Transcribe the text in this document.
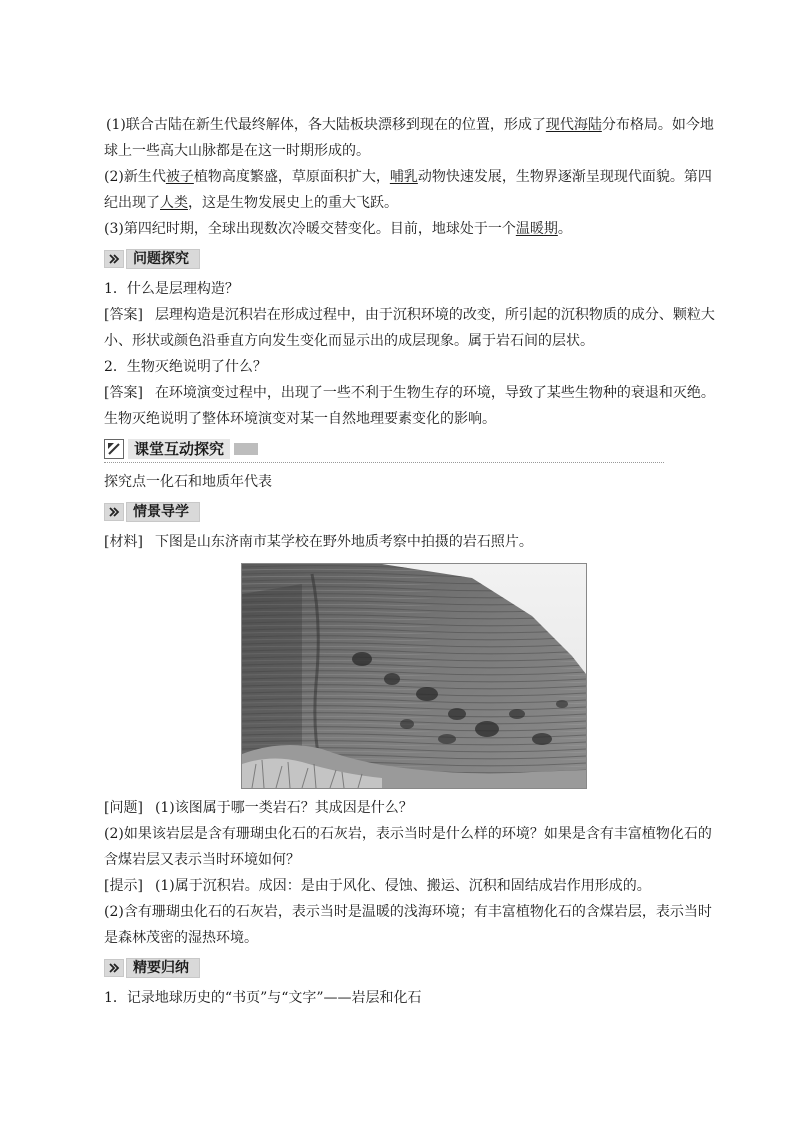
(1)联合古陆在新生代最终解体，各大陆板块漂移到现在的位置，形成了现代海陆分布格局。如今地球上一些高大山脉都是在这一时期形成的。

(2)新生代被子植物高度繁盛，草原面积扩大，哺乳动物快速发展，生物界逐渐呈现现代面貌。第四纪出现了人类，这是生物发展史上的重大飞跃。

(3)第四纪时期，全球出现数次冷暖交替变化。目前，地球处于一个温暖期。

问题探究

1．什么是层理构造？

[答案] 层理构造是沉积岩在形成过程中，由于沉积环境的改变，所引起的沉积物质的成分、颗粒大小、形状或颜色沿垂直方向发生变化而显示出的成层现象。属于岩石间的层状。

2．生物灭绝说明了什么？

[答案] 在环境演变过程中，出现了一些不利于生物生存的环境，导致了某些生物种的衰退和灭绝。生物灭绝说明了整体环境演变对某一自然地理要素变化的影响。

课堂互动探究

探究点一化石和地质年代表

情景导学

[材料] 下图是山东济南市某学校在野外地质考察中拍摄的岩石照片。

[问题] (1)该图属于哪一类岩石？其成因是什么？

(2)如果该岩层是含有珊瑚虫化石的石灰岩，表示当时是什么样的环境？如果是含有丰富植物化石的含煤岩层又表示当时环境如何？

[提示] (1)属于沉积岩。成因：是由于风化、侵蚀、搬运、沉积和固结成岩作用形成的。

(2)含有珊瑚虫化石的石灰岩，表示当时是温暖的浅海环境；有丰富植物化石的含煤岩层，表示当时是森林茂密的湿热环境。

精要归纳

1．记录地球历史的“书页”与“文字”——岩层和化石
